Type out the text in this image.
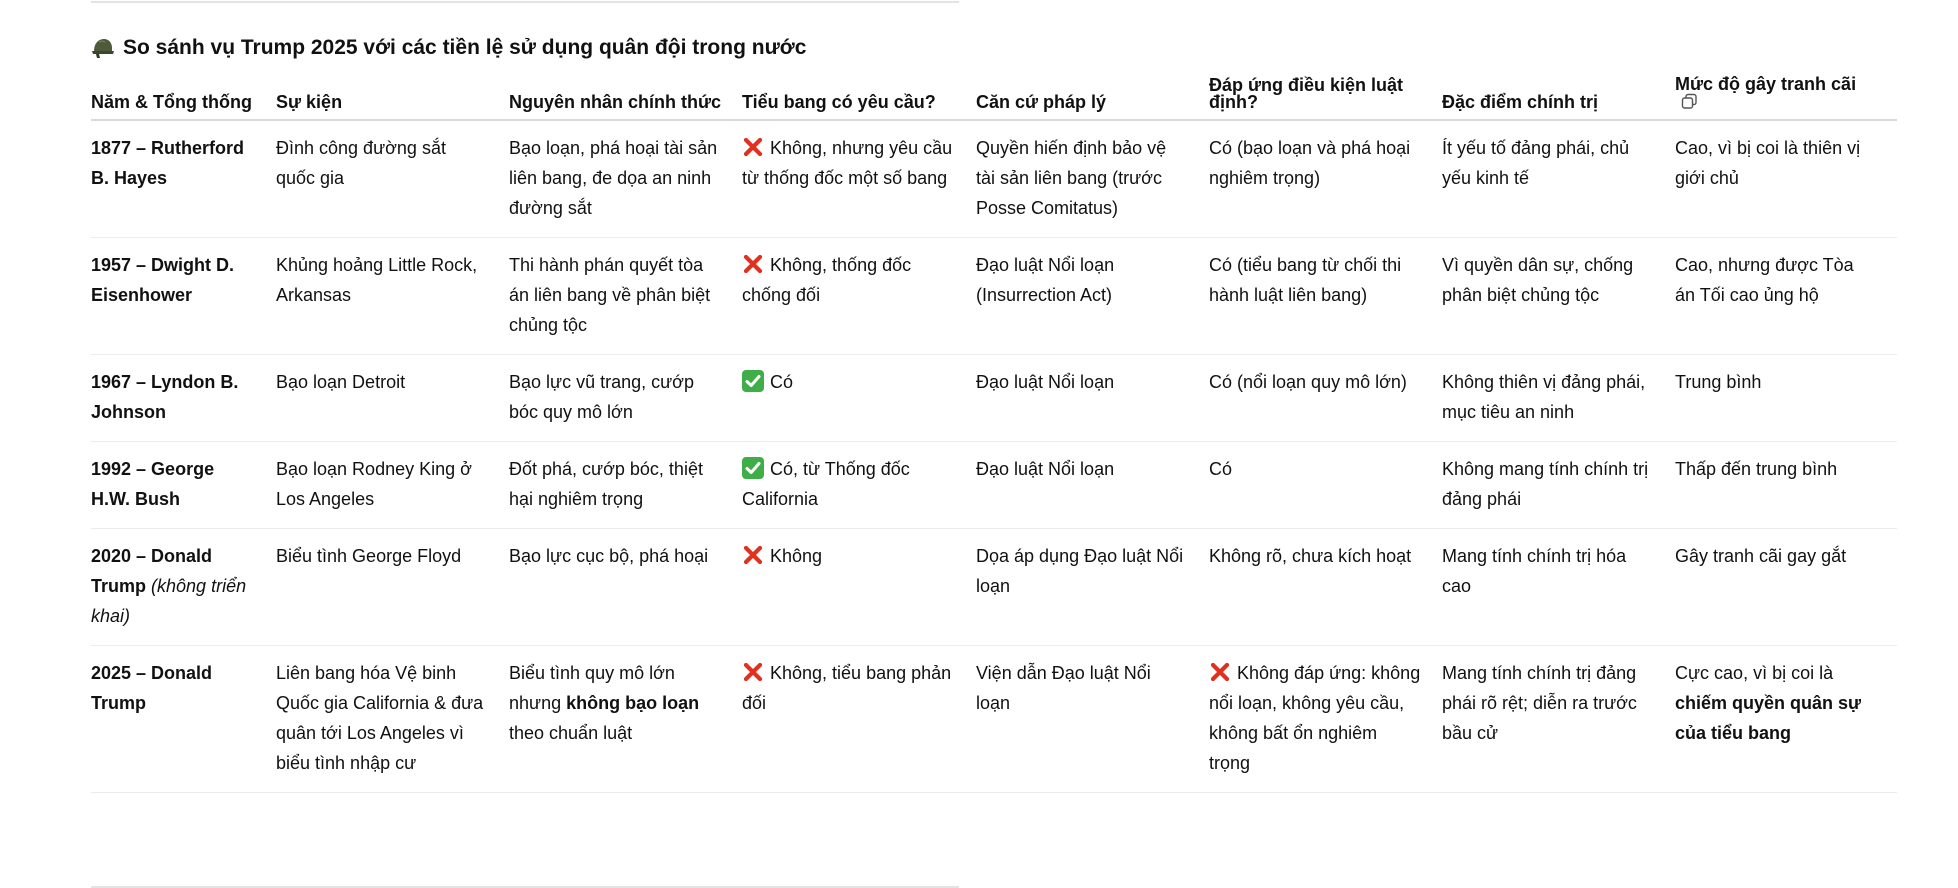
So sánh vụ Trump 2025 với các tiền lệ sử dụng quân đội trong nước
Năm & Tổng thống	Sự kiện	Nguyên nhân chính thức	Tiểu bang có yêu cầu?	Căn cứ pháp lý	Đáp ứng điều kiện luật định?	Đặc điểm chính trị	Mức độ gây tranh cãi
1877 – Rutherford B. Hayes	Đình công đường sắt quốc gia	Bạo loạn, phá hoại tài sản liên bang, đe dọa an ninh đường sắt	Không, nhưng yêu cầu từ thống đốc một số bang	Quyền hiến định bảo vệ tài sản liên bang (trước Posse Comitatus)	Có (bạo loạn và phá hoại nghiêm trọng)	Ít yếu tố đảng phái, chủ yếu kinh tế	Cao, vì bị coi là thiên vị giới chủ
1957 – Dwight D. Eisenhower	Khủng hoảng Little Rock, Arkansas	Thi hành phán quyết tòa án liên bang về phân biệt chủng tộc	Không, thống đốc chống đối	Đạo luật Nổi loạn (Insurrection Act)	Có (tiểu bang từ chối thi hành luật liên bang)	Vì quyền dân sự, chống phân biệt chủng tộc	Cao, nhưng được Tòa án Tối cao ủng hộ
1967 – Lyndon B. Johnson	Bạo loạn Detroit	Bạo lực vũ trang, cướp bóc quy mô lớn	Có	Đạo luật Nổi loạn	Có (nổi loạn quy mô lớn)	Không thiên vị đảng phái, mục tiêu an ninh	Trung bình
1992 – George H.W. Bush	Bạo loạn Rodney King ở Los Angeles	Đốt phá, cướp bóc, thiệt hại nghiêm trọng	Có, từ Thống đốc California	Đạo luật Nổi loạn	Có	Không mang tính chính trị đảng phái	Thấp đến trung bình
2020 – Donald Trump (không triển khai)	Biểu tình George Floyd	Bạo lực cục bộ, phá hoại	Không	Dọa áp dụng Đạo luật Nổi loạn	Không rõ, chưa kích hoạt	Mang tính chính trị hóa cao	Gây tranh cãi gay gắt
2025 – Donald Trump	Liên bang hóa Vệ binh Quốc gia California & đưa quân tới Los Angeles vì biểu tình nhập cư	Biểu tình quy mô lớn nhưng không bạo loạn theo chuẩn luật	Không, tiểu bang phản đối	Viện dẫn Đạo luật Nổi loạn	Không đáp ứng: không nổi loạn, không yêu cầu, không bất ổn nghiêm trọng	Mang tính chính trị đảng phái rõ rệt; diễn ra trước bầu cử	Cực cao, vì bị coi là chiếm quyền quân sự của tiểu bang
